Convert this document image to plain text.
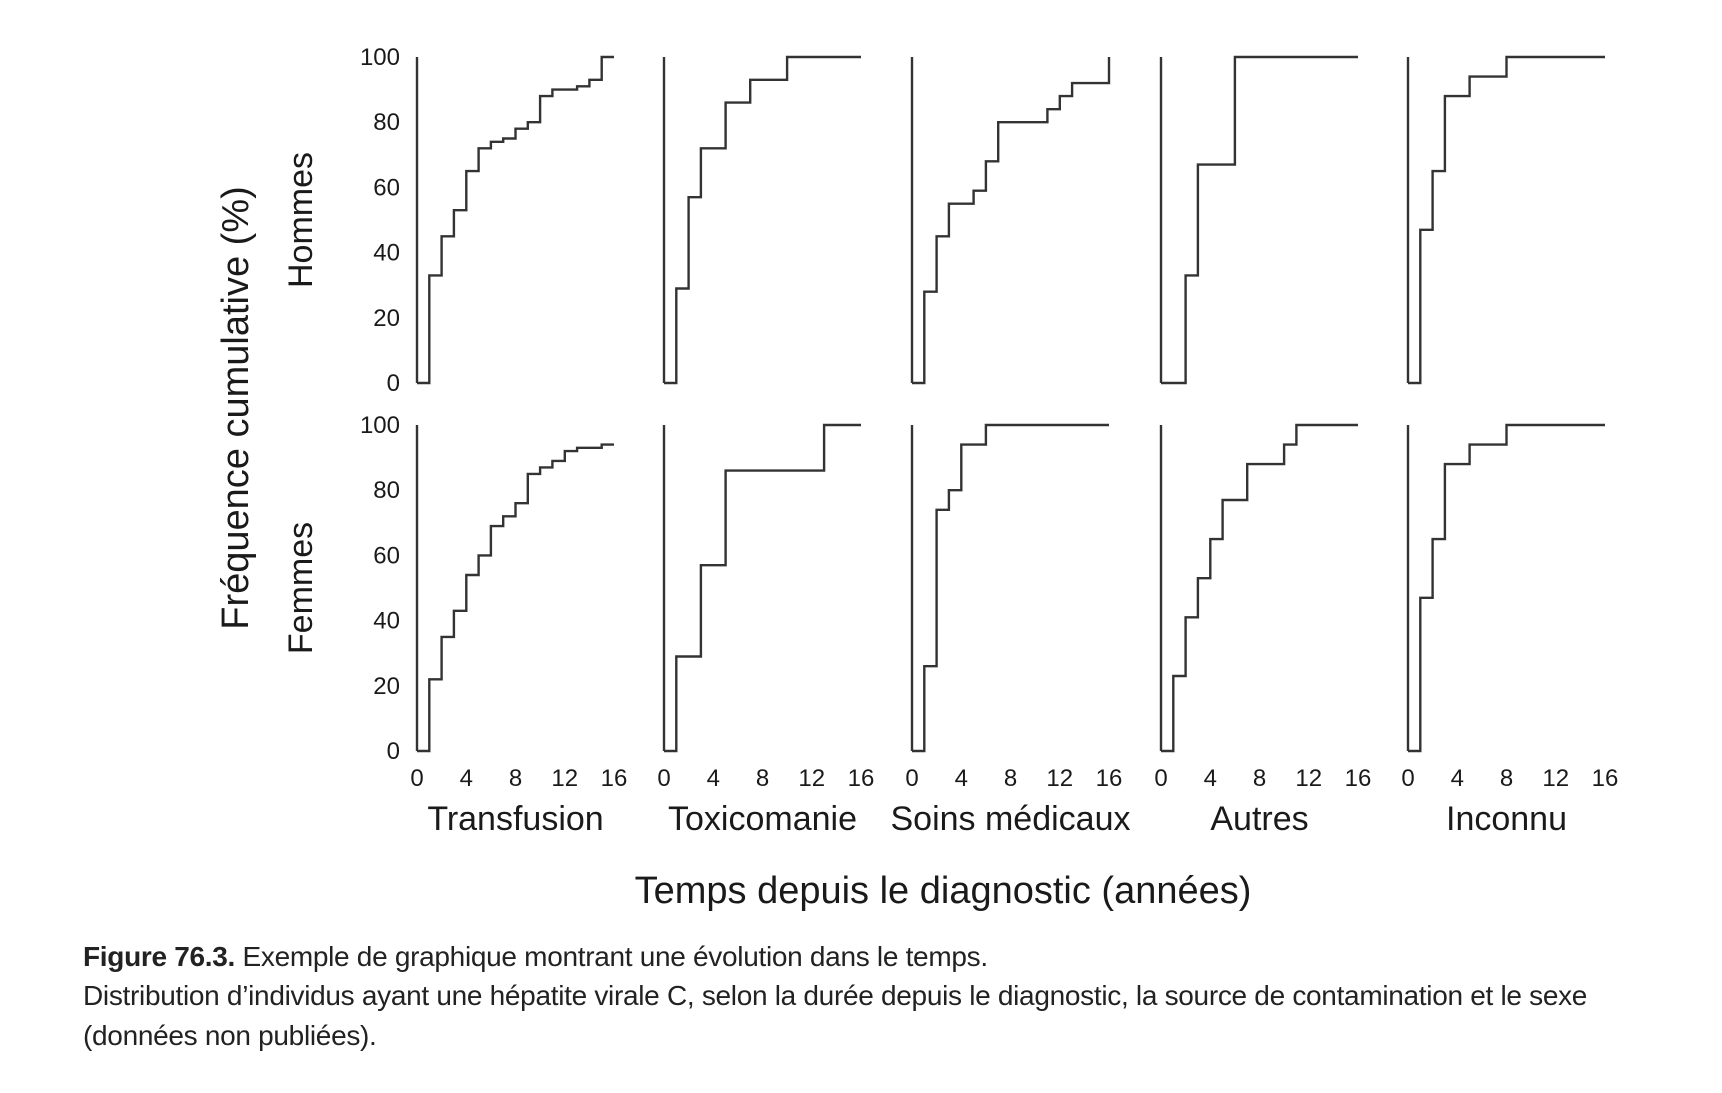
0
20
40
60
80
100
Hommes
0
20
40
60
80
100
0 4 8 12 16 0 4 8 12 16 0 4 8 12 16 0 4 8 12 16 0 4 8 12 16
Femmes
Transfusion Toxicomanie Soins médicaux Autres	Inconnu
Fréquence cumulative (%)
Temps depuis le diagnostic (années)

Figure 76.3. Exemple de graphique montrant une évolution dans le temps.

Distribution d’individus ayant une hépatite virale C, selon la durée depuis le diagnostic, la source de contamination et le sexe (données non publiées).
